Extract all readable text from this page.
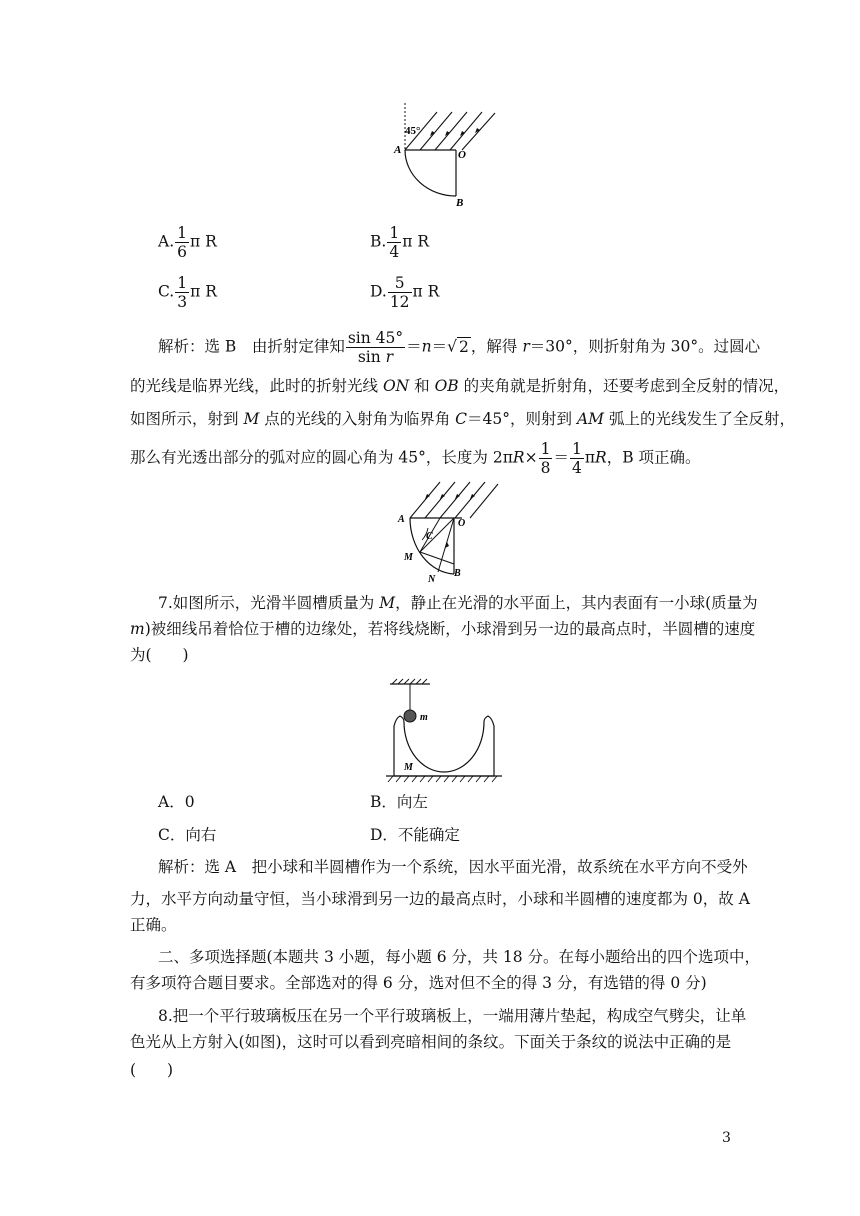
45°
A	O
B
A. $\frac{1}{6}$ π R	B. $\frac{1}{4}$ π R
C. $\frac{1}{3}$ π R	D. $\frac{5}{12}$ π R
解析：选 B　由折射定律知 $\frac{\sin 45^\circ}{\text{sin r}} =n=√$ 2 ，解得 r＝30°，则折射角为 30°。过圆心
的光线是临界光线，此时的折射光线 ON 和 OB 的夹角就是折射角，还要考虑到全反射的情况，
如图所示，射到 M 点的光线的入射角为临界角 C＝45°，则射到 AM 弧上的光线发生了全反射，
那么有光透出部分的弧对应的圆心角为 45°，长度为 $2\pi R\times \frac{1}{8} = \frac{1}{4}$ πR，B 项正确。
A	O
C
M
N
B
7.如图所示，光滑半圆槽质量为 M，静止在光滑的水平面上，其内表面有一小球(质量为
m)被细线吊着恰位于槽的边缘处，若将线烧断，小球滑到另一边的最高点时，半圆槽的速度
为(　　)
m
M
A．0	B．向左
C．向右	D．不能确定
解析：选 A　把小球和半圆槽作为一个系统，因水平面光滑，故系统在水平方向不受外
力，水平方向动量守恒，当小球滑到另一边的最高点时，小球和半圆槽的速度都为 0，故 A
正确。
二、多项选择题(本题共 3 小题，每小题 6 分，共 18 分。在每小题给出的四个选项中，
有多项符合题目要求。全部选对的得 6 分，选对但不全的得 3 分，有选错的得 0 分)
8.把一个平行玻璃板压在另一个平行玻璃板上，一端用薄片垫起，构成空气劈尖，让单
色光从上方射入(如图)，这时可以看到亮暗相间的条纹。下面关于条纹的说法中正确的是
(　　)
3
